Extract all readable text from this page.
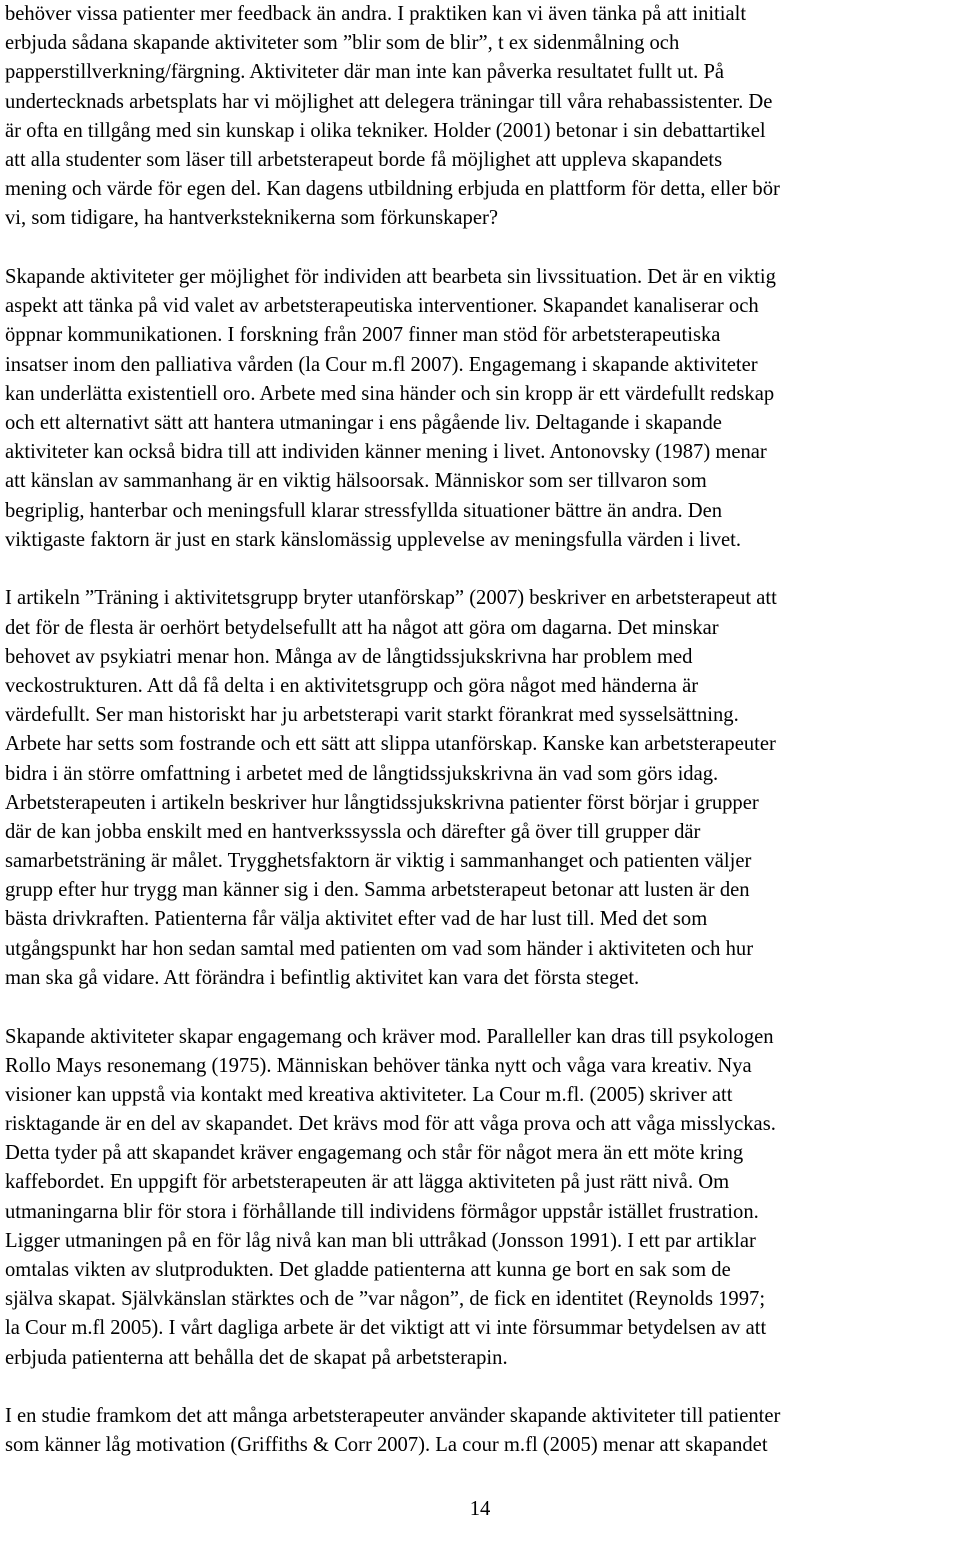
behöver vissa patienter mer feedback än andra. I praktiken kan vi även tänka på att initialt
erbjuda sådana skapande aktiviteter som ”blir som de blir”, t ex sidenmålning och
papperstillverkning/färgning. Aktiviteter där man inte kan påverka resultatet fullt ut. På
undertecknads arbetsplats har vi möjlighet att delegera träningar till våra rehabassistenter. De
är ofta en tillgång med sin kunskap i olika tekniker. Holder (2001) betonar i sin debattartikel
att alla studenter som läser till arbetsterapeut borde få möjlighet att uppleva skapandets
mening och värde för egen del. Kan dagens utbildning erbjuda en plattform för detta, eller bör
vi, som tidigare, ha hantverksteknikerna som förkunskaper?

Skapande aktiviteter ger möjlighet för individen att bearbeta sin livssituation. Det är en viktig
aspekt att tänka på vid valet av arbetsterapeutiska interventioner. Skapandet kanaliserar och
öppnar kommunikationen. I forskning från 2007 finner man stöd för arbetsterapeutiska
insatser inom den palliativa vården (la Cour m.fl 2007). Engagemang i skapande aktiviteter
kan underlätta existentiell oro. Arbete med sina händer och sin kropp är ett värdefullt redskap
och ett alternativt sätt att hantera utmaningar i ens pågående liv. Deltagande i skapande
aktiviteter kan också bidra till att individen känner mening i livet. Antonovsky (1987) menar
att känslan av sammanhang är en viktig hälsoorsak. Människor som ser tillvaron som
begriplig, hanterbar och meningsfull klarar stressfyllda situationer bättre än andra. Den
viktigaste faktorn är just en stark känslomässig upplevelse av meningsfulla värden i livet.

I artikeln ”Träning i aktivitetsgrupp bryter utanförskap” (2007) beskriver en arbetsterapeut att
det för de flesta är oerhört betydelsefullt att ha något att göra om dagarna. Det minskar
behovet av psykiatri menar hon. Många av de långtidssjukskrivna har problem med
veckostrukturen. Att då få delta i en aktivitetsgrupp och göra något med händerna är
värdefullt. Ser man historiskt har ju arbetsterapi varit starkt förankrat med sysselsättning.
Arbete har setts som fostrande och ett sätt att slippa utanförskap. Kanske kan arbetsterapeuter
bidra i än större omfattning i arbetet med de långtidssjukskrivna än vad som görs idag.
Arbetsterapeuten i artikeln beskriver hur långtidssjukskrivna patienter först börjar i grupper
där de kan jobba enskilt med en hantverkssyssla och därefter gå över till grupper där
samarbetsträning är målet. Trygghetsfaktorn är viktig i sammanhanget och patienten väljer
grupp efter hur trygg man känner sig i den. Samma arbetsterapeut betonar att lusten är den
bästa drivkraften. Patienterna får välja aktivitet efter vad de har lust till. Med det som
utgångspunkt har hon sedan samtal med patienten om vad som händer i aktiviteten och hur
man ska gå vidare. Att förändra i befintlig aktivitet kan vara det första steget.

Skapande aktiviteter skapar engagemang och kräver mod. Paralleller kan dras till psykologen
Rollo Mays resonemang (1975). Människan behöver tänka nytt och våga vara kreativ. Nya
visioner kan uppstå via kontakt med kreativa aktiviteter. La Cour m.fl. (2005) skriver att
risktagande är en del av skapandet. Det krävs mod för att våga prova och att våga misslyckas.
Detta tyder på att skapandet kräver engagemang och står för något mera än ett möte kring
kaffebordet. En uppgift för arbetsterapeuten är att lägga aktiviteten på just rätt nivå. Om
utmaningarna blir för stora i förhållande till individens förmågor uppstår istället frustration.
Ligger utmaningen på en för låg nivå kan man bli uttråkad (Jonsson 1991). I ett par artiklar
omtalas vikten av slutprodukten. Det gladde patienterna att kunna ge bort en sak som de
själva skapat. Självkänslan stärktes och de ”var någon”, de fick en identitet (Reynolds 1997;
la Cour m.fl 2005). I vårt dagliga arbete är det viktigt att vi inte försummar betydelsen av att
erbjuda patienterna att behålla det de skapat på arbetsterapin.

I en studie framkom det att många arbetsterapeuter använder skapande aktiviteter till patienter
som känner låg motivation (Griffiths & Corr 2007). La cour m.fl (2005) menar att skapandet

14
